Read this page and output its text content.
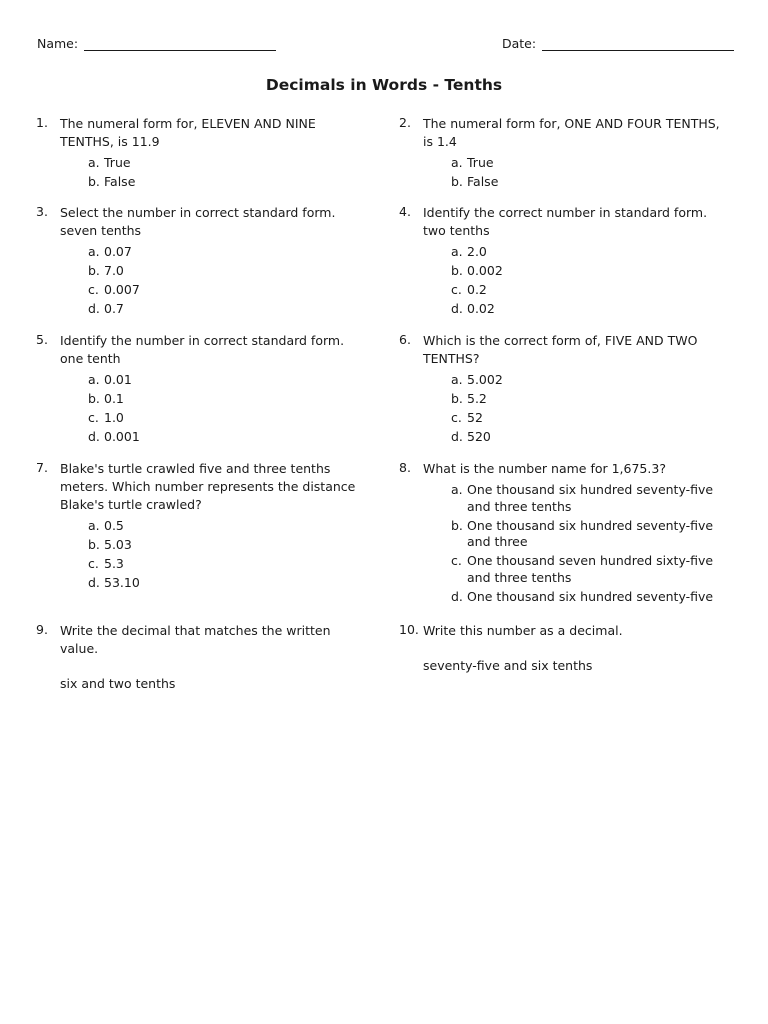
Name:	Date:
Decimals in Words - Tenths
1. The numeral form for, ELEVEN AND NINE TENTHS, is 11.9
a. True
b. False
2. The numeral form for, ONE AND FOUR TENTHS, is 1.4
a. True
b. False
3. Select the number in correct standard form.
seven tenths
a. 0.07
b. 7.0
c. 0.007
d. 0.7
4. Identify the correct number in standard form.
two tenths
a. 2.0
b. 0.002
c. 0.2
d. 0.02
5. Identify the number in correct standard form.
one tenth
a. 0.01
b. 0.1
c. 1.0
d. 0.001
6. Which is the correct form of, FIVE AND TWO TENTHS?
a. 5.002
b. 5.2
c. 52
d. 520
7. Blake's turtle crawled five and three tenths meters. Which number represents the distance Blake's turtle crawled?
a. 0.5
b. 5.03
c. 5.3
d. 53.10
8. What is the number name for 1,675.3?
a. One thousand six hundred seventy-five and three tenths
b. One thousand six hundred seventy-five and three
c. One thousand seven hundred sixty-five and three tenths
d. One thousand six hundred seventy-five
9. Write the decimal that matches the written value.
six and two tenths
10. Write this number as a decimal.
seventy-five and six tenths
